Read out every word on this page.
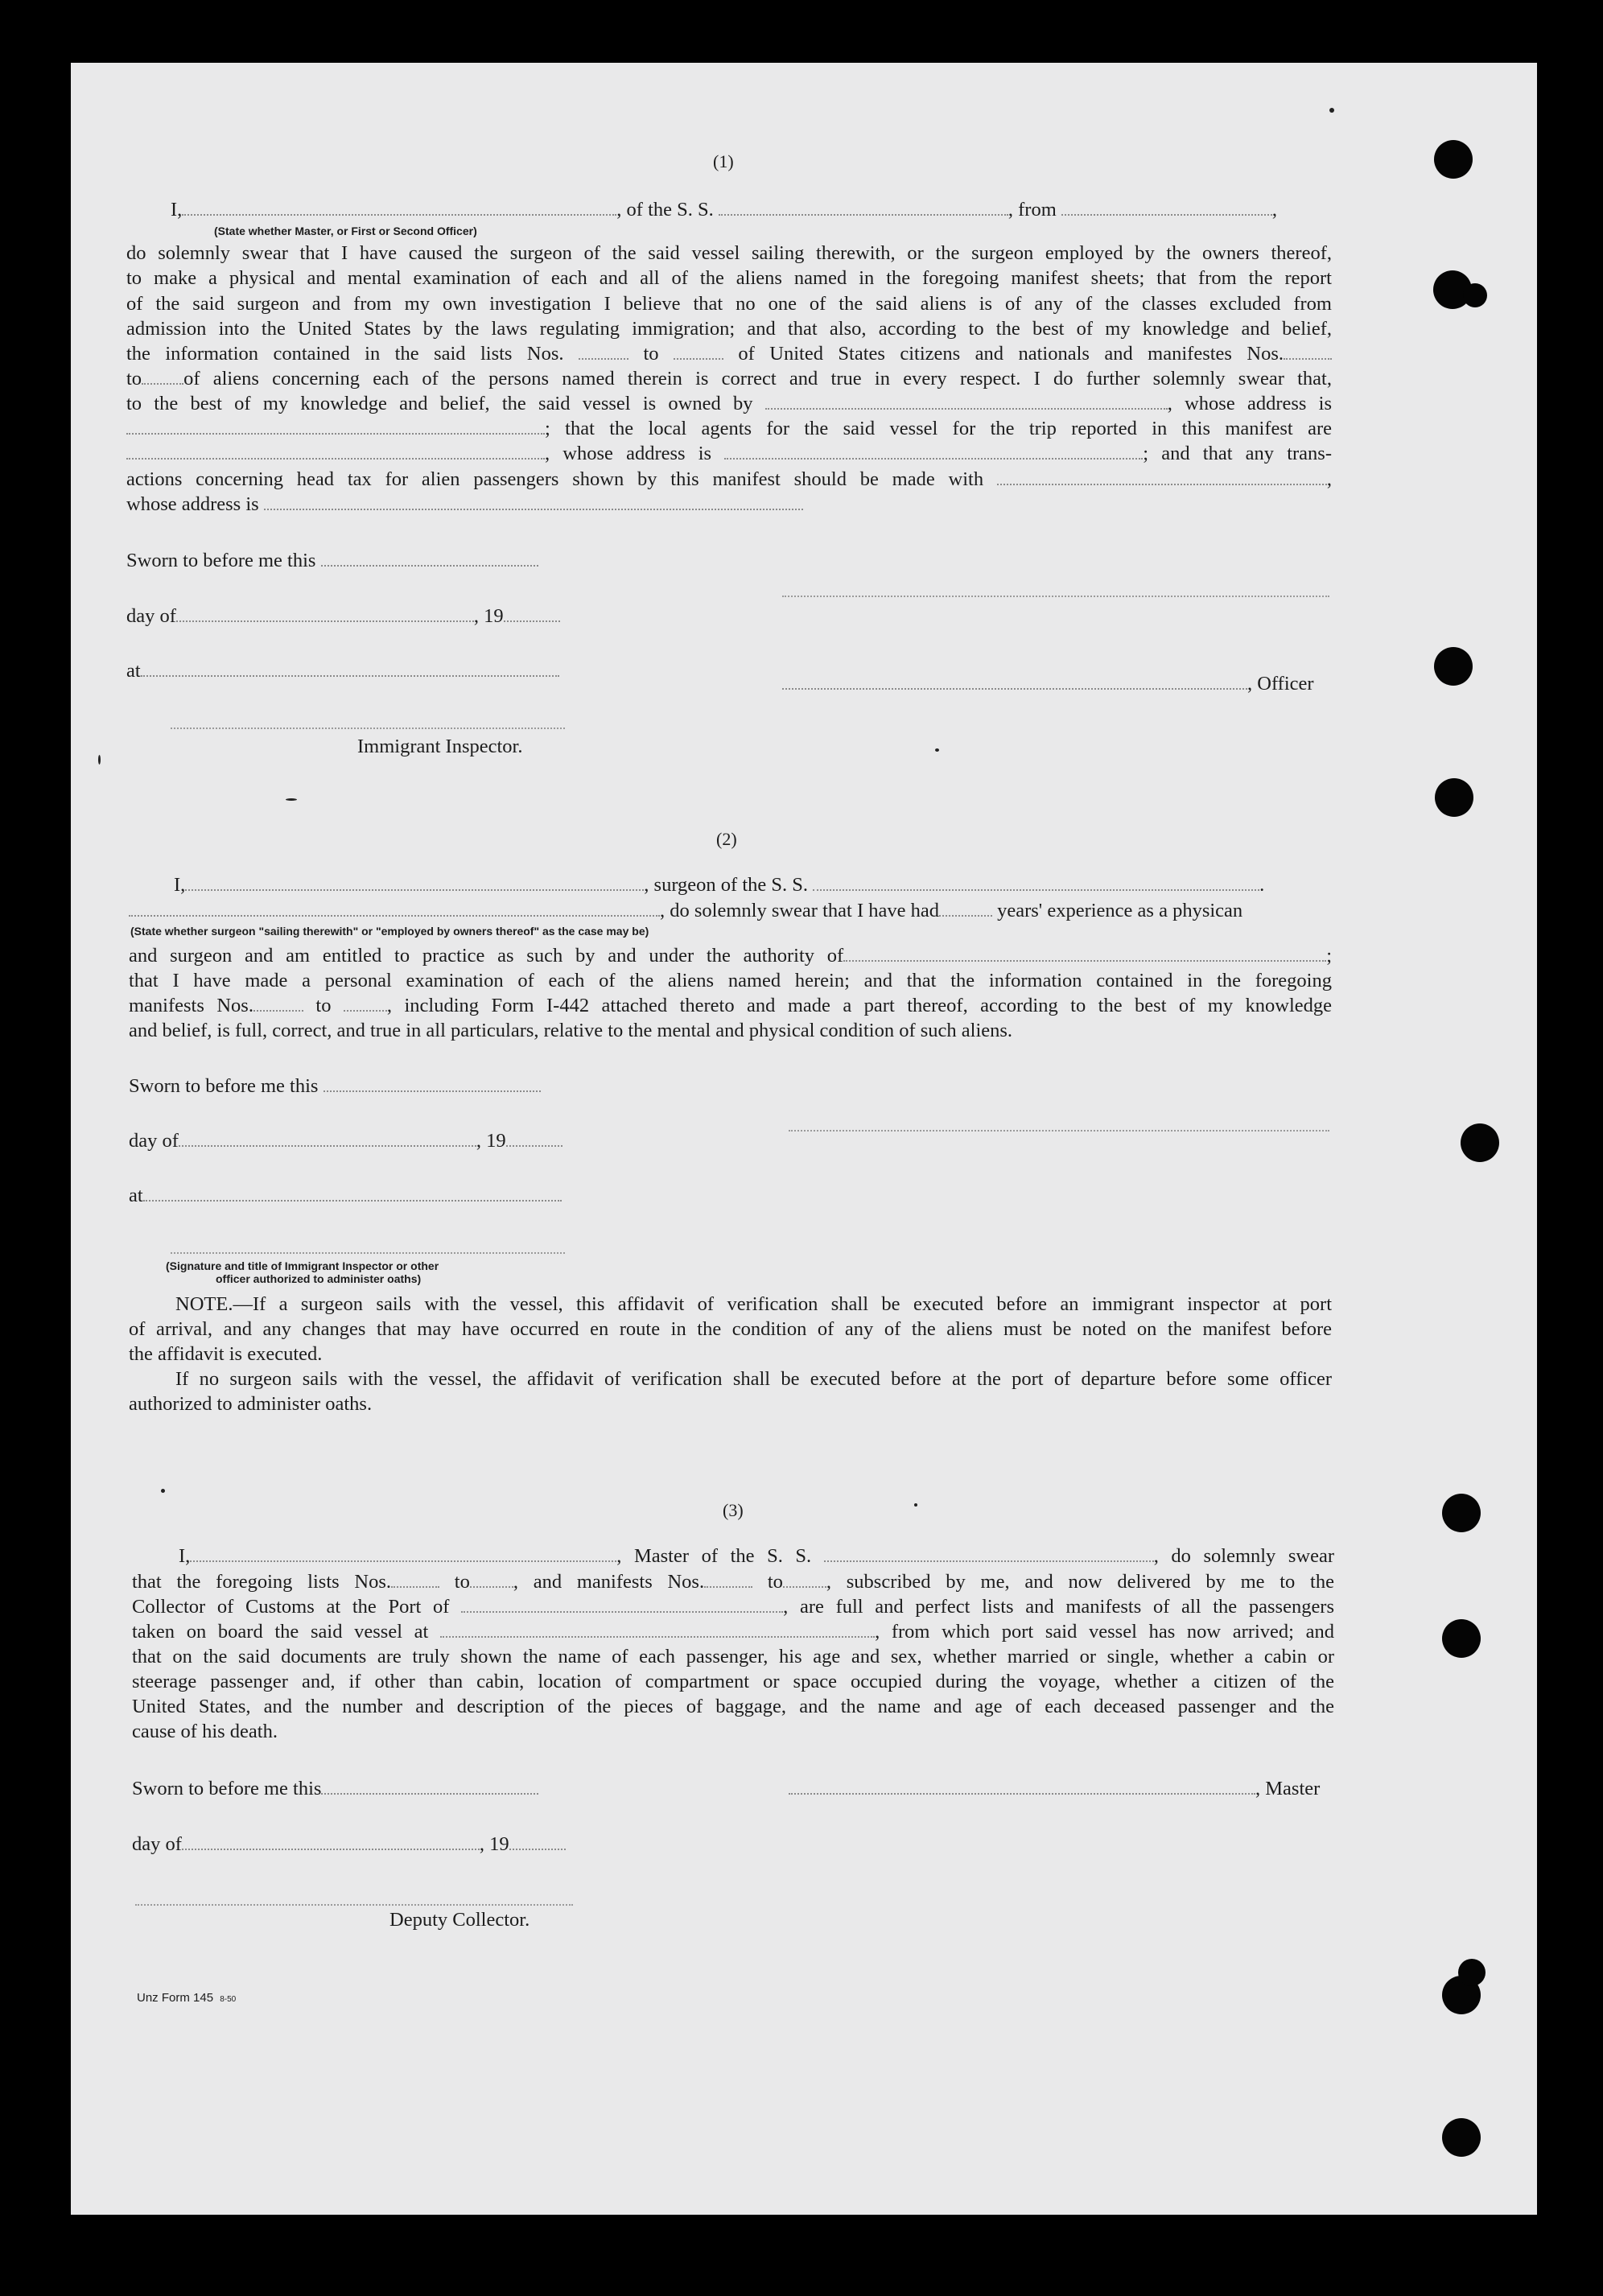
(1)
I,	, of the S. S.	, from	,
(State whether Master, or First or Second Officer)
do solemnly swear that I have caused the surgeon of the said vessel sailing therewith, or the surgeon employed by the owners thereof,
to make a physical and mental examination of each and all of the aliens named in the foregoing manifest sheets; that from the report
of the said surgeon and from my own investigation I believe that no one of the said aliens is of any of the classes excluded from
admission into the United States by the laws regulating immigration; and that also, according to the best of my knowledge and belief,
the information contained in the said lists Nos.	to	of United States citizens and nationals and manifestes Nos.
to of aliens concerning each of the persons named therein is correct and true in every respect. I do further solemnly swear that,
to the best of my knowledge and belief, the said vessel is owned by	, whose address is
; that the local agents for the said vessel for the trip reported in this manifest are
, whose address is	; and that any trans-
actions concerning head tax for alien passengers shown by this manifest should be made with	,
whose address is
Sworn to before me this
day of	, 19
at
, Officer
Immigrant Inspector.
(2)
I,	, surgeon of the S. S.	.
, do solemnly swear that I have had	years' experience as a physican
(State whether surgeon "sailing therewith" or "employed by owners thereof" as the case may be)
and surgeon and am entitled to practice as such by and under the authority of	;
that I have made a personal examination of each of the aliens named herein; and that the information contained in the foregoing
manifests Nos.	to	, including Form I-442 attached thereto and made a part thereof, according to the best of my knowledge
and belief, is full, correct, and true in all particulars, relative to the mental and physical condition of such aliens.
Sworn to before me this
day of	, 19
at
(Signature and title of Immigrant Inspector or other
officer authorized to administer oaths)
NOTE.—If a surgeon sails with the vessel, this affidavit of verification shall be executed before an immigrant inspector at port
of arrival, and any changes that may have occurred en route in the condition of any of the aliens must be noted on the manifest before
the affidavit is executed.
If no surgeon sails with the vessel, the affidavit of verification shall be executed before at the port of departure before some officer
authorized to administer oaths.
(3)
I,	, Master of the S. S.	, do solemnly swear
that the foregoing lists Nos.	to , and manifests Nos.	to , subscribed by me, and now delivered by me to the
Collector of Customs at the Port of	, are full and perfect lists and manifests of all the passengers
taken on board the said vessel at	, from which port said vessel has now arrived; and
that on the said documents are truly shown the name of each passenger, his age and sex, whether married or single, whether a cabin or
steerage passenger and, if other than cabin, location of compartment or space occupied during the voyage, whether a citizen of the
United States, and the number and description of the pieces of baggage, and the name and age of each deceased passenger and the
cause of his death.
Sworn to before me this	, Master
day of	, 19
Deputy Collector.
Unz Form 145 8-50
